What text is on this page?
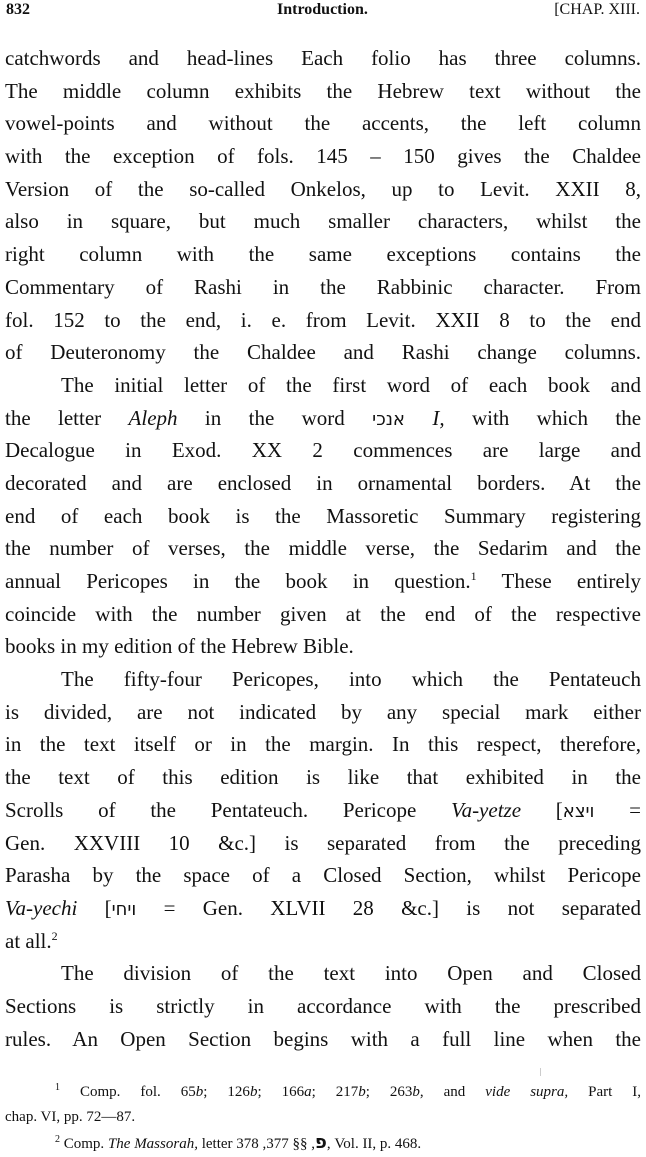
832	Introduction.	[CHAP. XIII.
catchwords and head-lines Each folio has three columns.
The middle column exhibits the Hebrew text without the
vowel-points and without the accents, the left column
with the exception of fols. 145 – 150 gives the Chaldee
Version of the so-called Onkelos, up to Levit. XXII 8,
also in square, but much smaller characters, whilst the
right column with the same exceptions contains the
Commentary of Rashi in the Rabbinic character. From
fol. 152 to the end, i. e. from Levit. XXII 8 to the end
of Deuteronomy the Chaldee and Rashi change columns.
The initial letter of the first word of each book and
the letter Aleph in the word אנכי I, with which the
Decalogue in Exod. XX 2 commences are large and
decorated and are enclosed in ornamental borders. At the
end of each book is the Massoretic Summary registering
the number of verses, the middle verse, the Sedarim and the
annual Pericopes in the book in question.$^1$ These entirely
coincide with the number given at the end of the respective
books in my edition of the Hebrew Bible.
The fifty-four Pericopes, into which the Pentateuch
is divided, are not indicated by any special mark either
in the text itself or in the margin. In this respect, therefore,
the text of this edition is like that exhibited in the
Scrolls of the Pentateuch. Pericope Va-yetze [ויצא =
Gen. XXVIII 10 &c.] is separated from the preceding
Parasha by the space of a Closed Section, whilst Pericope
Va-yechi [ויחי = Gen. XLVII 28 &c.] is not separated
at all.$^2$
The division of the text into Open and Closed
Sections is strictly in accordance with the prescribed
rules. An Open Section begins with a full line when the
$^1$ Comp. fol. 65b; 126b; 166a; 217b; 263b, and vide supra, Part I,
chap. VI, pp. 72—87.
$^2$ Comp. The Massorah, letter	פ, §§ 377, 378, Vol. II, p. 468.
